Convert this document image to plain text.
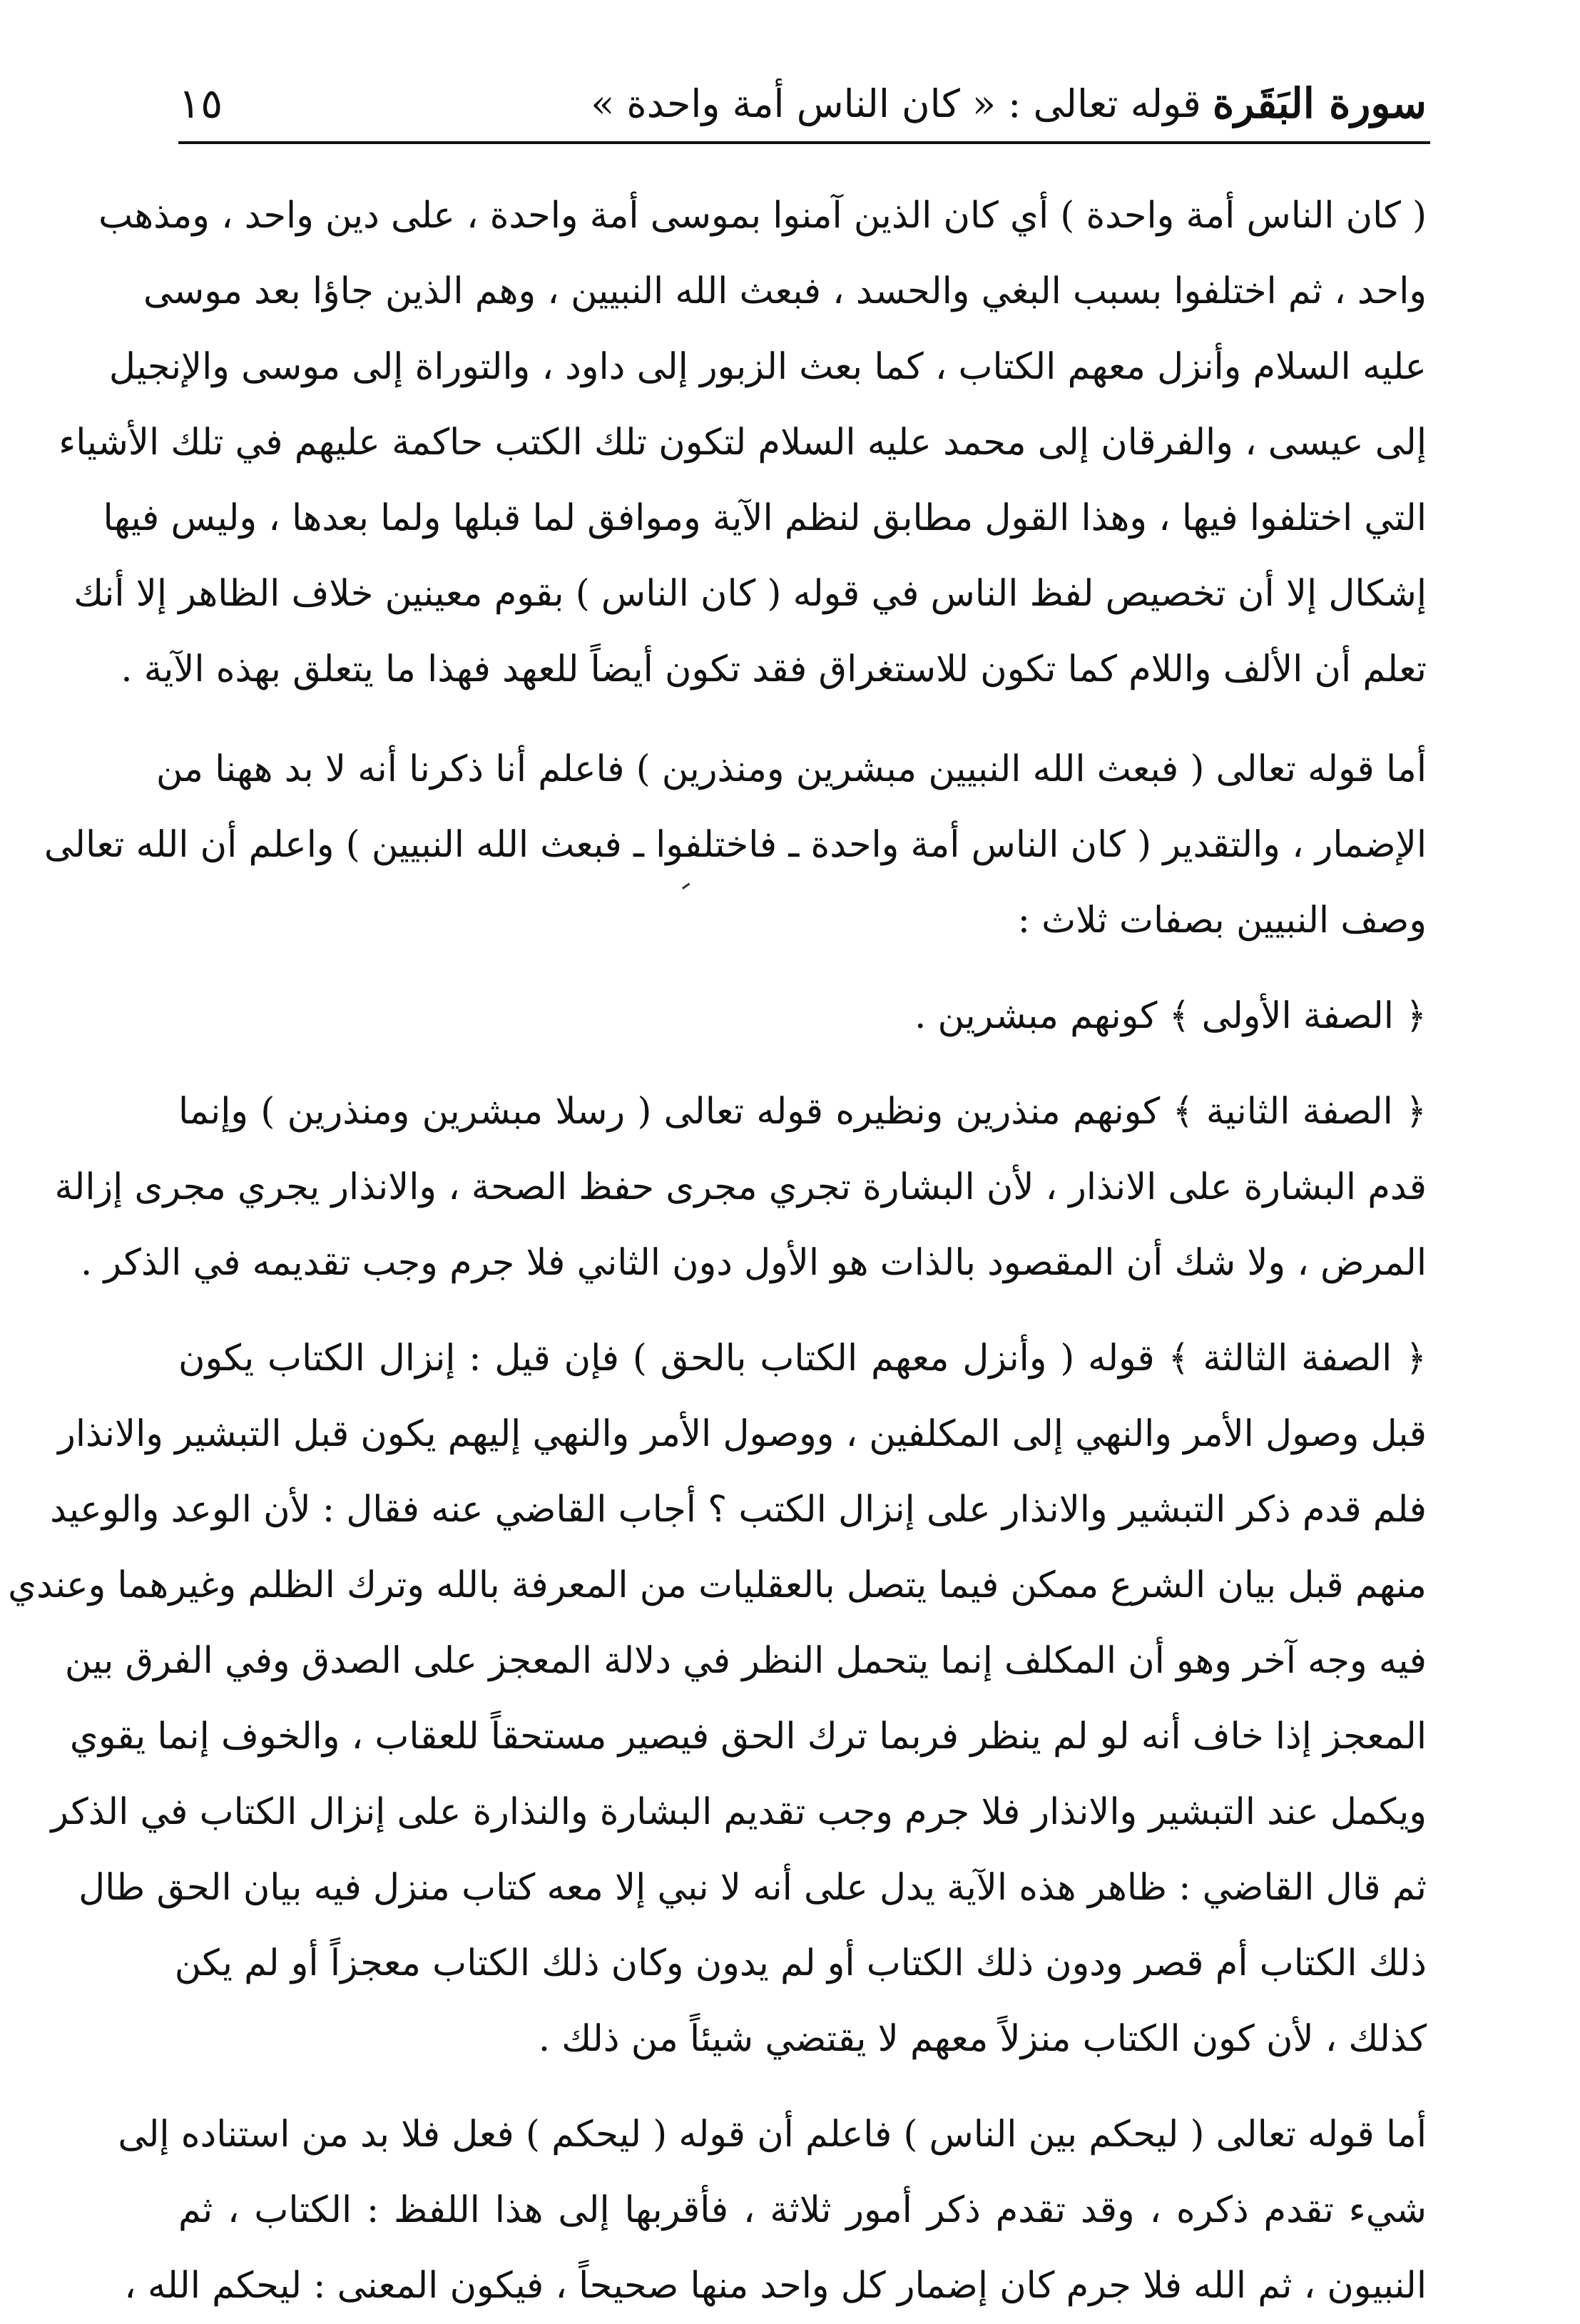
سورة البَقَرة
قوله تعالى : « كان الناس أمة واحدة »
١٥
( كان الناس أمة واحدة ) أي كان الذين آمنوا بموسى أمة واحدة ، على دين واحد ، ومذهب
واحد ، ثم اختلفوا بسبب البغي والحسد ، فبعث الله النبيين ، وهم الذين جاؤا بعد موسى
عليه السلام وأنزل معهم الكتاب ، كما بعث الزبور إلى داود ، والتوراة إلى موسى والإنجيل
إلى عيسى ، والفرقان إلى محمد عليه السلام لتكون تلك الكتب حاكمة عليهم في تلك الأشياء
التي اختلفوا فيها ، وهذا القول مطابق لنظم الآية وموافق لما قبلها ولما بعدها ، وليس فيها
إشكال إلا أن تخصيص لفظ الناس في قوله ( كان الناس ) بقوم معينين خلاف الظاهر إلا أنك
تعلم أن الألف واللام كما تكون للاستغراق فقد تكون أيضاً للعهد فهذا ما يتعلق بهذه الآية .
أما قوله تعالى ( فبعث الله النبيين مبشرين ومنذرين ) فاعلم أنا ذكرنا أنه لا بد ههنا من
الإضمار ، والتقدير ( كان الناس أمة واحدة ـ فاختلفوا ـ فبعث الله النبيين ) واعلم أن الله تعالى
وصف النبيين بصفات ثلاث :
﴿ الصفة الأولى ﴾ كونهم مبشرين .
﴿ الصفة الثانية ﴾ كونهم منذرين ونظيره قوله تعالى ( رسلا مبشرين ومنذرين ) وإنما
قدم البشارة على الانذار ، لأن البشارة تجري مجرى حفظ الصحة ، والانذار يجري مجرى إزالة
المرض ، ولا شك أن المقصود بالذات هو الأول دون الثاني فلا جرم وجب تقديمه في الذكر .
﴿ الصفة الثالثة ﴾ قوله ( وأنزل معهم الكتاب بالحق ) فإن قيل : إنزال الكتاب يكون
قبل وصول الأمر والنهي إلى المكلفين ، ووصول الأمر والنهي إليهم يكون قبل التبشير والانذار
فلم قدم ذكر التبشير والانذار على إنزال الكتب ؟ أجاب القاضي عنه فقال : لأن الوعد والوعيد
منهم قبل بيان الشرع ممكن فيما يتصل بالعقليات من المعرفة بالله وترك الظلم وغيرهما وعندي
فيه وجه آخر وهو أن المكلف إنما يتحمل النظر في دلالة المعجز على الصدق وفي الفرق بين
المعجز إذا خاف أنه لو لم ينظر فربما ترك الحق فيصير مستحقاً للعقاب ، والخوف إنما يقوي
ويكمل عند التبشير والانذار فلا جرم وجب تقديم البشارة والنذارة على إنزال الكتاب في الذكر
ثم قال القاضي : ظاهر هذه الآية يدل على أنه لا نبي إلا معه كتاب منزل فيه بيان الحق طال
ذلك الكتاب أم قصر ودون ذلك الكتاب أو لم يدون وكان ذلك الكتاب معجزاً أو لم يكن
كذلك ، لأن كون الكتاب منزلاً معهم لا يقتضي شيئاً من ذلك .
أما قوله تعالى ( ليحكم بين الناس ) فاعلم أن قوله ( ليحكم ) فعل فلا بد من استناده إلى
شيء تقدم ذكره ، وقد تقدم ذكر أمور ثلاثة ، فأقربها إلى هذا اللفظ : الكتاب ، ثم
النبيون ، ثم الله فلا جرم كان إضمار كل واحد منها صحيحاً ، فيكون المعنى : ليحكم الله ،
